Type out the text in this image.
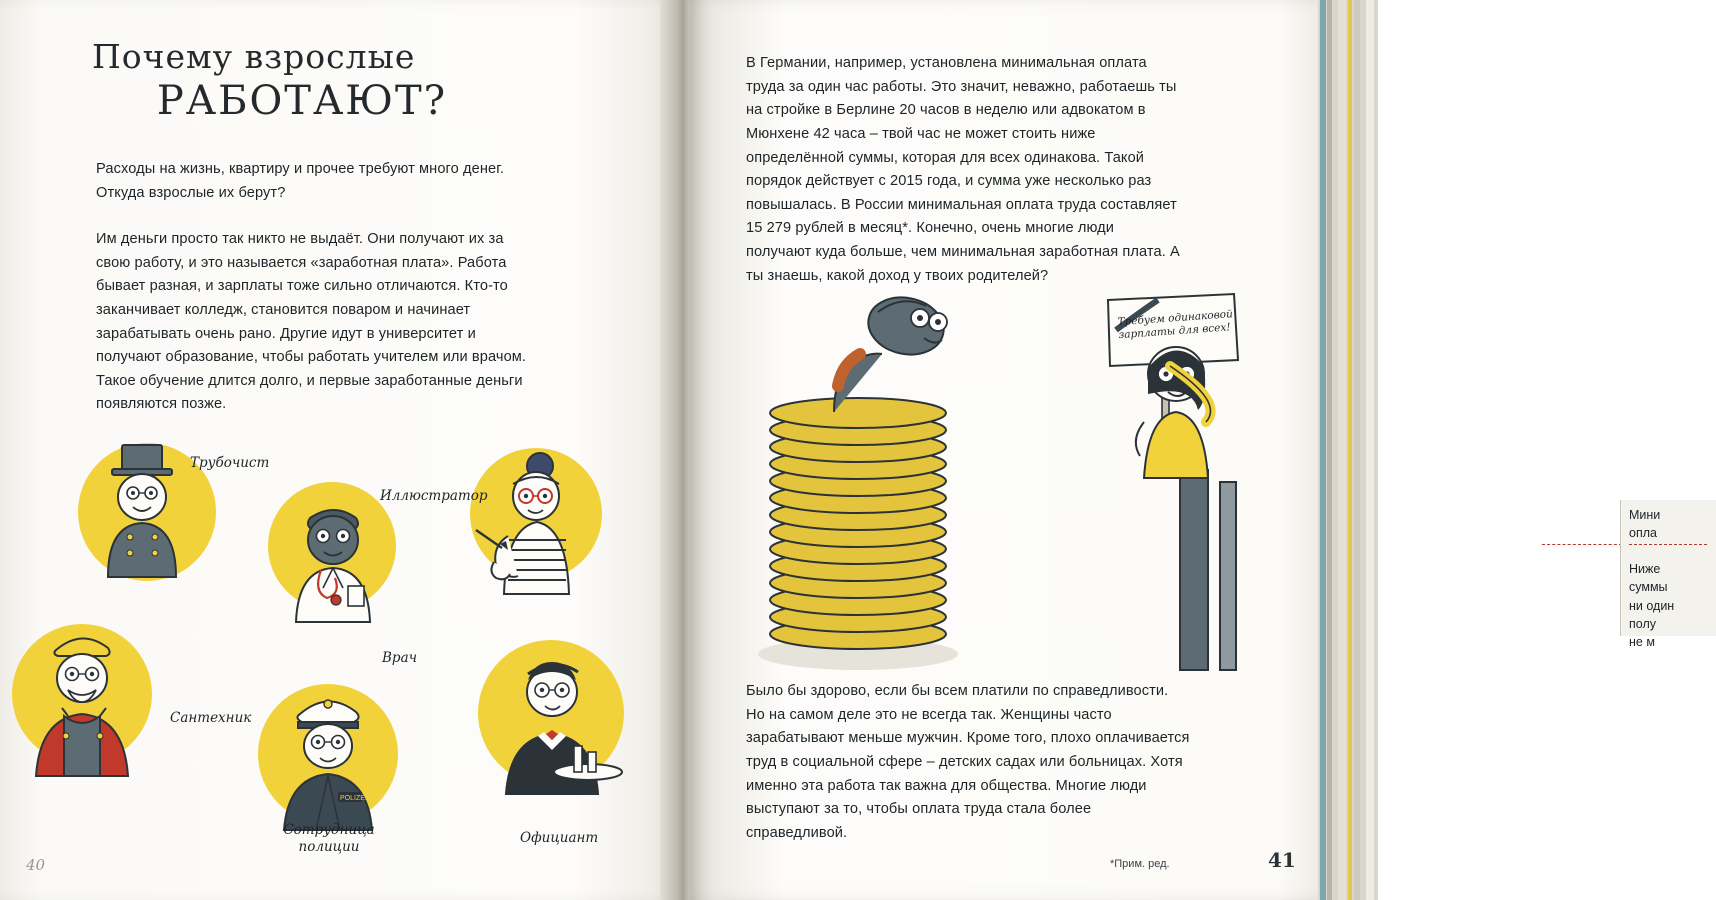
Почему взрослые
РАБОТАЮТ?
Расходы на жизнь, квартиру и прочее требуют много денег. Откуда взрослые их берут?
Им деньги просто так никто не выдаёт. Они получают их за свою работу, и это называется «заработная плата». Работа бывает разная, и зарплаты тоже сильно отличаются. Кто-то заканчивает колледж, становится поваром и начинает зарабатывать очень рано. Другие идут в университет и получают образование, чтобы работать учителем или врачом. Такое обучение длится долго, и первые заработанные деньги появляются позже.
Трубочист
Врач
Иллюстратор
Сантехник
POLIZEI
Сотрудница полиции
Официант
40
В Германии, например, установлена минимальная оплата труда за один час работы. Это значит, неважно, работаешь ты на стройке в Берлине 20 часов в неделю или адвокатом в Мюнхене 42 часа – твой час не может стоить ниже определённой суммы, которая для всех одинакова. Такой порядок действует с 2015 года, и сумма уже несколько раз повышалась. В России минимальная оплата труда составляет 15 279 рублей в месяц*. Конечно, очень многие люди получают куда больше, чем минимальная заработная плата. А ты знаешь, какой доход у твоих родителей?
Мини
опла
Ниже
суммы
ни один
полу
не м
Требуем одинаковой зарплаты для всех!
Было бы здорово, если бы всем платили по справедливости. Но на самом деле это не всегда так. Женщины часто зарабатывают меньше мужчин. Кроме того, плохо оплачивается труд в социальной сфере – детских садах или больницах. Хотя именно эта работа так важна для общества. Многие люди выступают за то, чтобы оплата труда стала более справедливой.
*Прим. ред.	41
